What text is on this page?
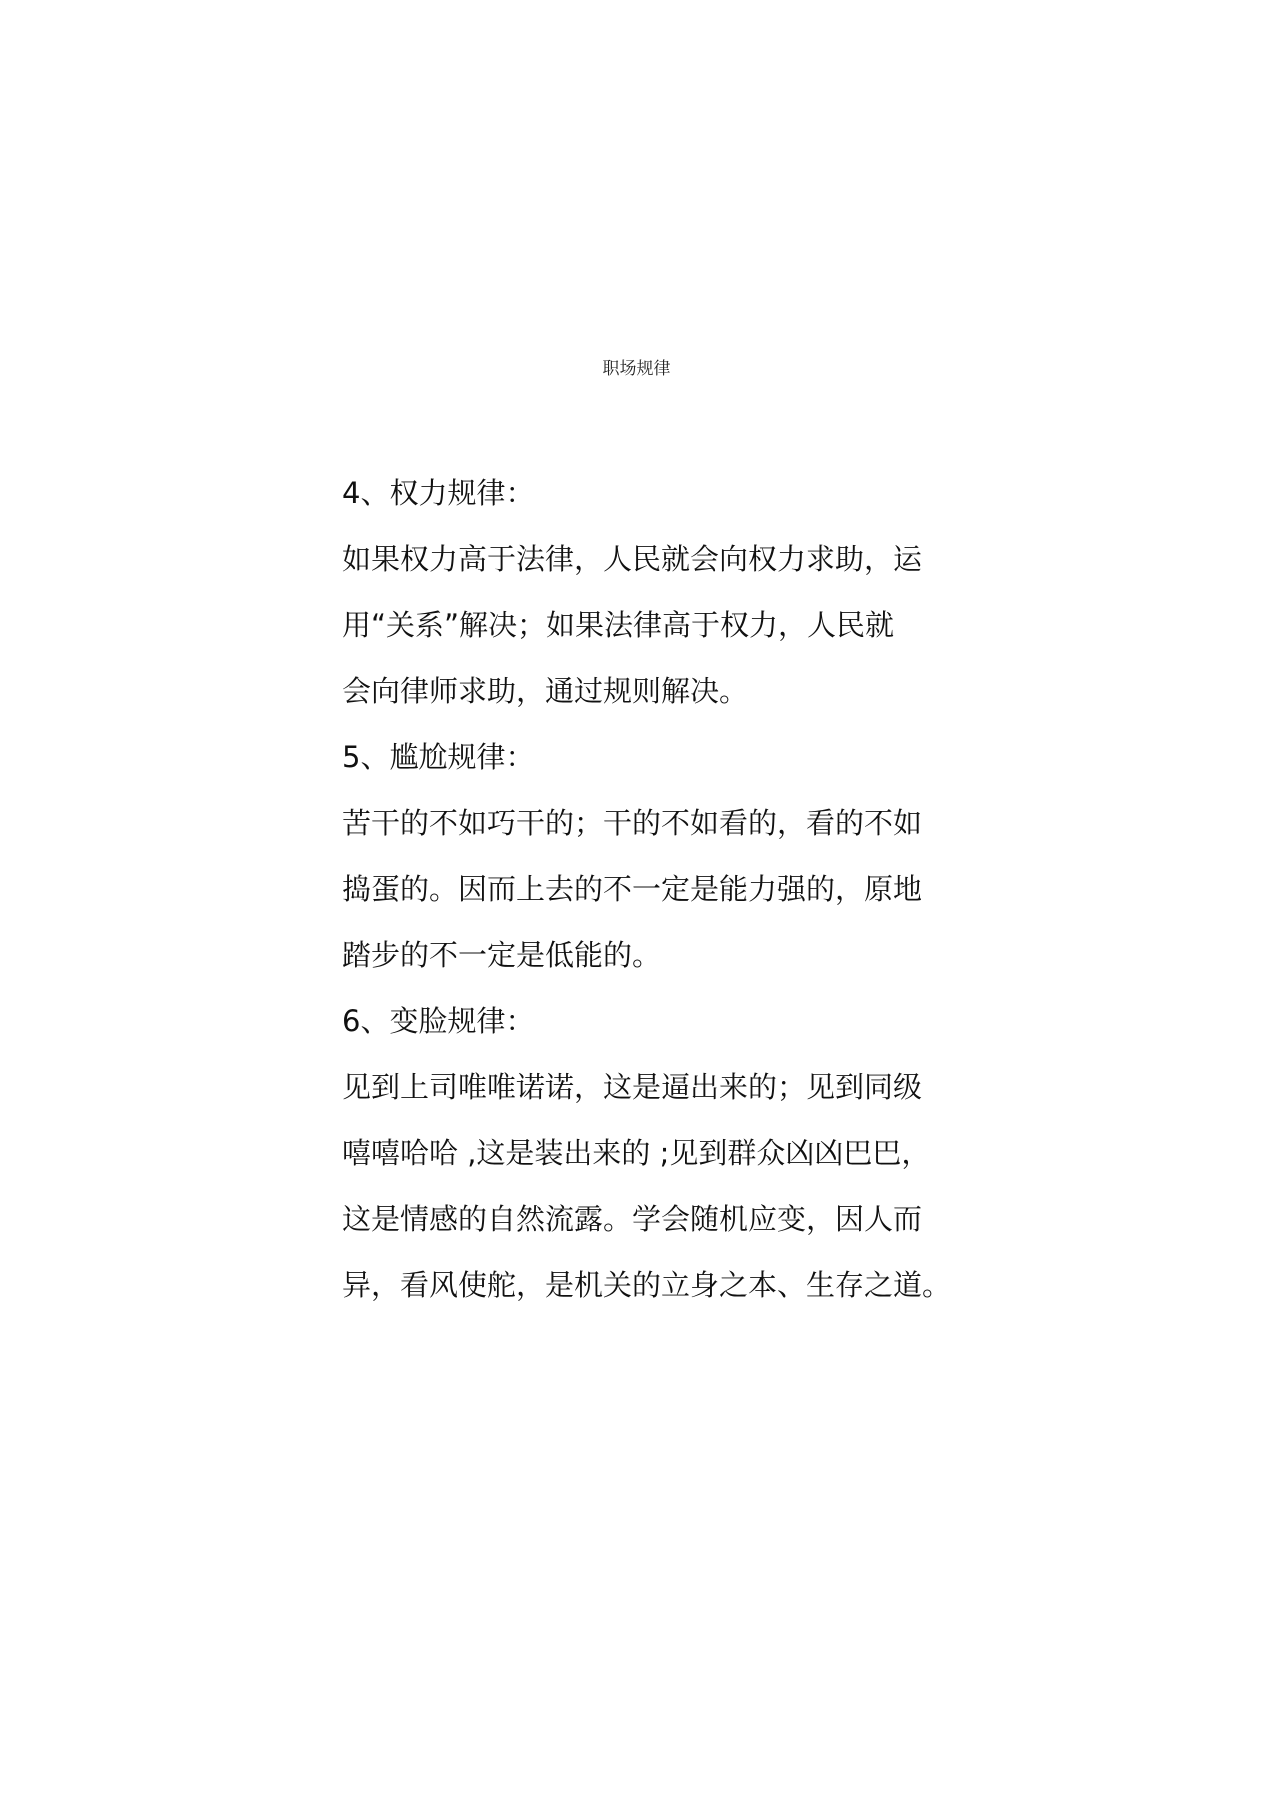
职场规律
4、权力规律：
如果权力高于法律，人民就会向权力求助，运
用“关系”解决；如果法律高于权力，人民就
会向律师求助，通过规则解决。
5、尴尬规律：
苦干的不如巧干的；干的不如看的，看的不如
捣蛋的。因而上去的不一定是能力强的，原地
踏步的不一定是低能的。
6、变脸规律：
见到上司唯唯诺诺，这是逼出来的；见到同级
嘻嘻哈哈 ,这是装出来的 ;见到群众凶凶巴巴，
这是情感的自然流露。学会随机应变，因人而
异，看风使舵，是机关的立身之本、生存之道。
